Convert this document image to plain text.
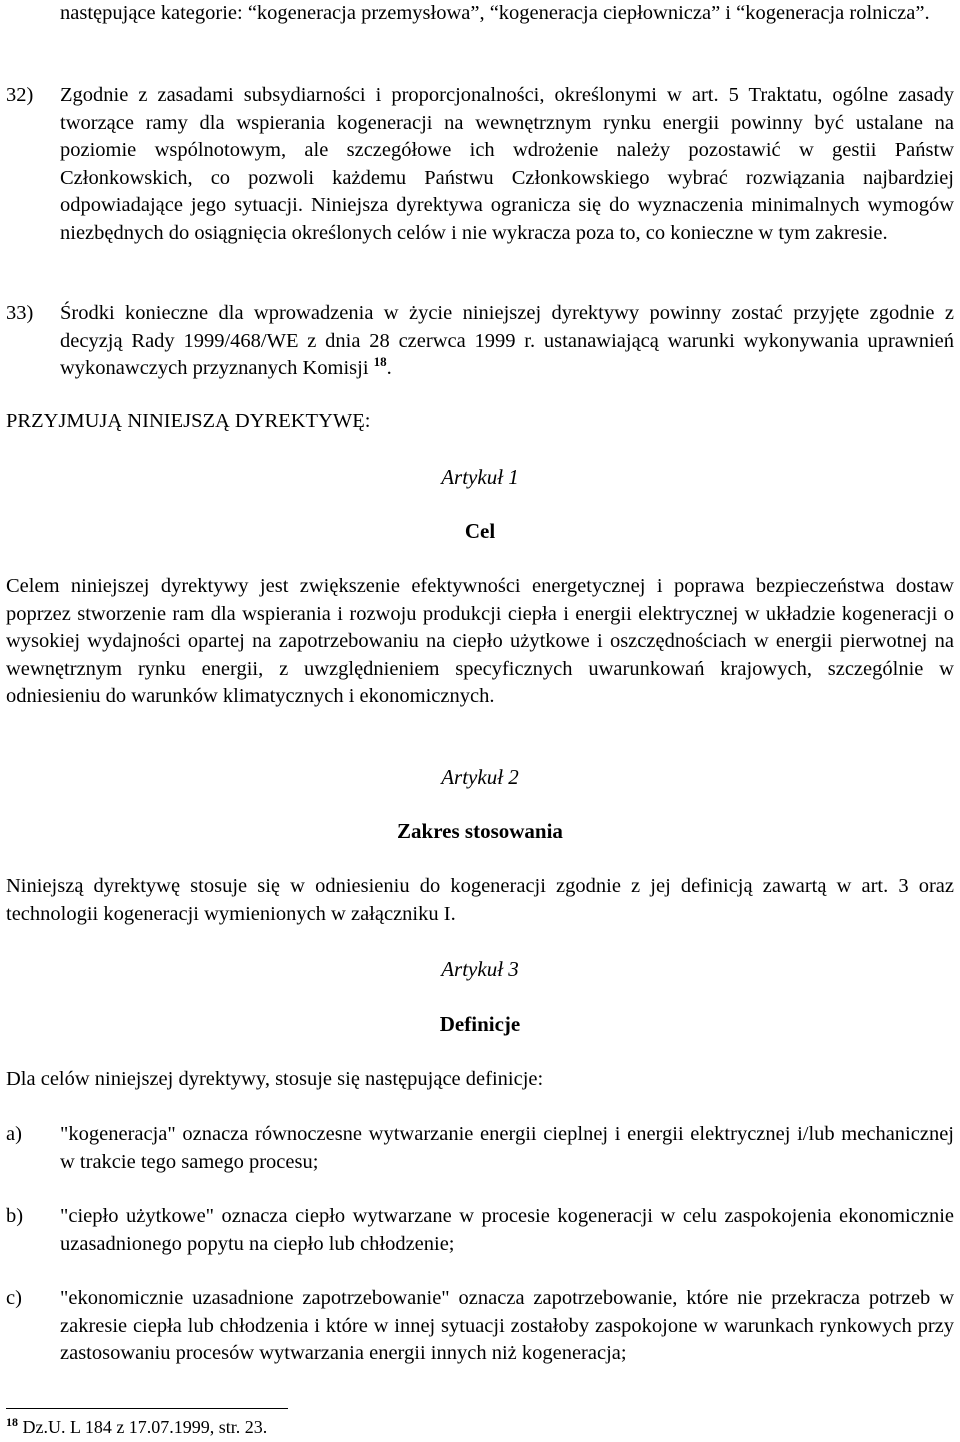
następujące kategorie: “kogeneracja przemysłowa”, “kogeneracja ciepłownicza” i “kogeneracja rolnicza”.
32) Zgodnie z zasadami subsydiarności i proporcjonalności, określonymi w art. 5 Traktatu, ogólne zasady tworzące ramy dla wspierania kogeneracji na wewnętrznym rynku energii powinny być ustalane na poziomie wspólnotowym, ale szczegółowe ich wdrożenie należy pozostawić w gestii Państw Członkowskich, co pozwoli każdemu Państwu Członkowskiego wybrać rozwiązania najbardziej odpowiadające jego sytuacji. Niniejsza dyrektywa ogranicza się do wyznaczenia minimalnych wymogów niezbędnych do osiągnięcia określonych celów i nie wykracza poza to, co konieczne w tym zakresie.
33) Środki konieczne dla wprowadzenia w życie niniejszej dyrektywy powinny zostać przyjęte zgodnie z decyzją Rady 1999/468/WE z dnia 28 czerwca 1999 r. ustanawiającą warunki wykonywania uprawnień wykonawczych przyznanych Komisji $^{18}$.
PRZYJMUJĄ NINIEJSZĄ DYREKTYWĘ:
Artykuł 1
Cel
Celem niniejszej dyrektywy jest zwiększenie efektywności energetycznej i poprawa bezpieczeństwa dostaw poprzez stworzenie ram dla wspierania i rozwoju produkcji ciepła i energii elektrycznej w układzie kogeneracji o wysokiej wydajności opartej na zapotrzebowaniu na ciepło użytkowe i oszczędnościach w energii pierwotnej na wewnętrznym rynku energii, z uwzględnieniem specyficznych uwarunkowań krajowych, szczególnie w odniesieniu do warunków klimatycznych i ekonomicznych.
Artykuł 2
Zakres stosowania
Niniejszą dyrektywę stosuje się w odniesieniu do kogeneracji zgodnie z jej definicją zawartą w art. 3 oraz technologii kogeneracji wymienionych w załączniku I.
Artykuł 3
Definicje
Dla celów niniejszej dyrektywy, stosuje się następujące definicje:
a) "kogeneracja" oznacza równoczesne wytwarzanie energii cieplnej i energii elektrycznej i/lub mechanicznej w trakcie tego samego procesu;
b) "ciepło użytkowe" oznacza ciepło wytwarzane w procesie kogeneracji w celu zaspokojenia ekonomicznie uzasadnionego popytu na ciepło lub chłodzenie;
c) "ekonomicznie uzasadnione zapotrzebowanie" oznacza zapotrzebowanie, które nie przekracza potrzeb w zakresie ciepła lub chłodzenia i które w innej sytuacji zostałoby zaspokojone w warunkach rynkowych przy zastosowaniu procesów wytwarzania energii innych niż kogeneracja;
$^{18}$ Dz.U. L 184 z 17.07.1999, str. 23.
